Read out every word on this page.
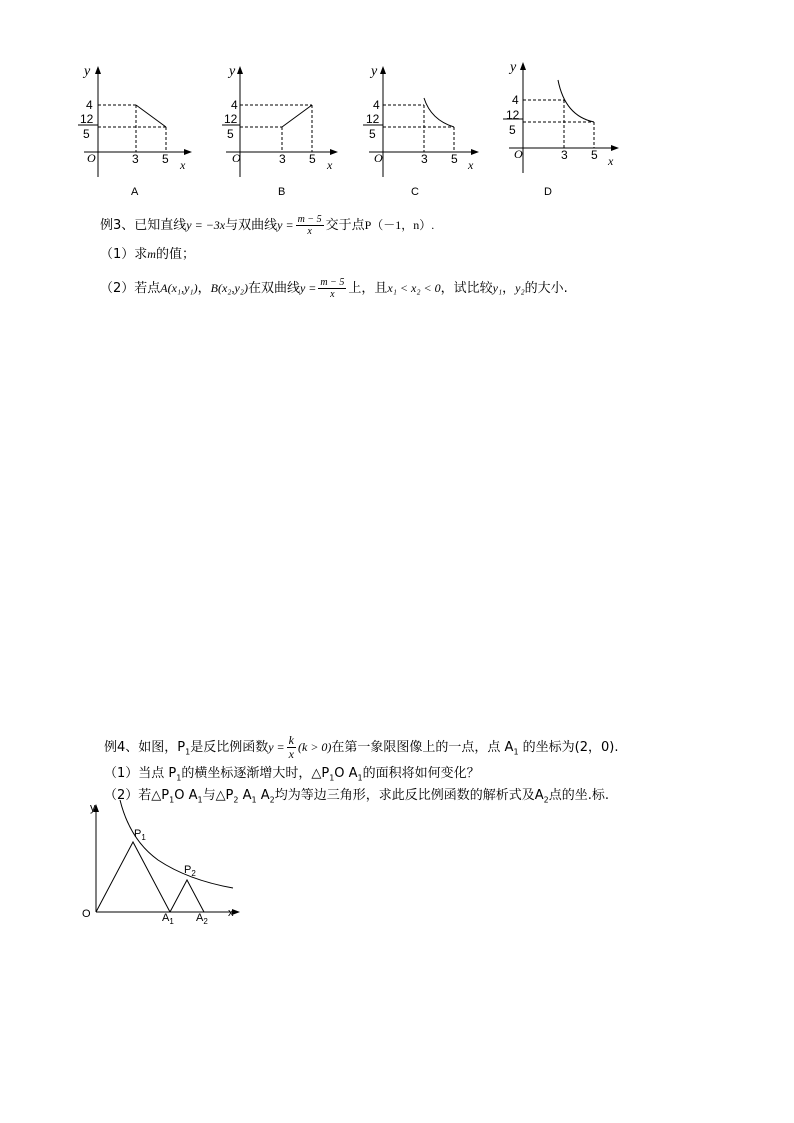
y
4
12
5
O	3 5 x
A
y
4
12
5
O	3 5 x
B
y
4
12
5
O	3 5 x
C
y
4
12
5
O	3 5 x
D
例3、已知直线y = −3x与双曲线$y = \frac{m - 5}{x}$ 交于点P（－1，n）.
（1）求m的值；
（2）若点A(x₁,y₁)，B(x₂,y₂)在双曲线$y = \frac{m - 5}{x}$ 上，且x₁ < x₂ < 0，试比较y₁，y₂的大小.
例4、如图，$P_1$是反比例函数$y = \frac{k}{x} (k > 0)$在第一象限图像上的一点，点 $A_1$ 的坐标为(2，0).
（1）当点 $P_1$的横坐标逐渐增大时，$\triangle P_1O$ $A_1$的面积将如何变化？
（2）若$\triangle P_1O$ $A_1$与$\triangle P_2$ $A_1$ $A_2$均为等边三角形，求此反比例函数的解析式及$A_2$点的坐.标.
y
O	x
$P_1$
$P_2$
$A_1$ $A_2$
